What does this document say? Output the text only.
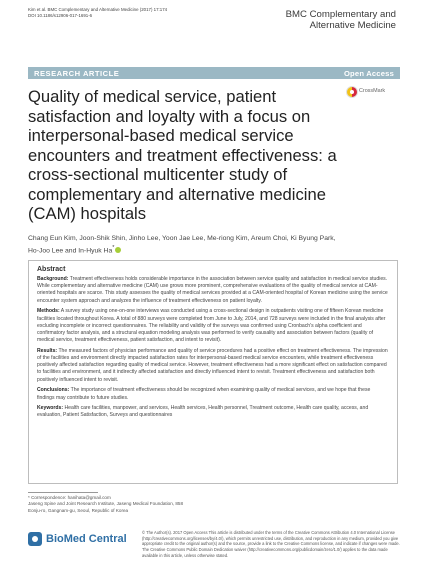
Kim et al. BMC Complementary and Alternative Medicine (2017) 17:174
DOI 10.1186/s12906-017-1691-6	BMC Complementary and
Alternative Medicine
RESEARCH ARTICLE	Open Access
CrossMark
Quality of medical service, patient satisfaction and loyalty with a focus on interpersonal-based medical service encounters and treatment effectiveness: a cross-sectional multicenter study of complementary and alternative medicine (CAM) hospitals
Chang Eun Kim, Joon-Shik Shin, Jinho Lee, Yoon Jae Lee, Me-riong Kim, Areum Choi, Ki Byung Park,
Ho-Joo Lee and In-Hyuk Ha*
Abstract

Background: Treatment effectiveness holds considerable importance in the association between service quality and satisfaction in medical service studies. While complementary and alternative medicine (CAM) use grows more prominent, comprehensive evaluations of the quality of medical service at CAM-oriented hospitals are scarce. This study assesses the quality of medical services provided at a CAM-oriented hospital of Korean medicine using the service encounter system approach and analyzes the influence of treatment effectiveness on patient loyalty.

Methods: A survey study using one-on-one interviews was conducted using a cross-sectional design in outpatients visiting one of fifteen Korean medicine facilities located throughout Korea. A total of 880 surveys were completed from June to July, 2014, and 728 surveys were included in the final analysis after excluding incomplete or incorrect questionnaires. The reliability and validity of the surveys was confirmed using Cronbach's alpha coefficient and confirmatory factor analysis, and a structural equation modeling analysis was performed to verify causality and association between factors (quality of medical service, treatment effectiveness, patient satisfaction, and intent to revisit).

Results: The measured factors of physician performance and quality of service procedures had a positive effect on treatment effectiveness. The impression of the facilities and environment directly impacted satisfaction rates for interpersonal-based medical service encounters, while treatment effectiveness positively affected satisfaction regarding quality of medical service. However, treatment effectiveness had a more significant effect on satisfaction compared to facilities and environment, and it indirectly affected satisfaction and directly influenced intent to revisit. Treatment effectiveness and satisfaction both positively influenced intent to revisit.

Conclusions: The importance of treatment effectiveness should be recognized when examining quality of medical services, and we hope that these findings may contribute to future studies.

Keywords: Health care facilities, manpower, and services, Health services, Health personnel, Treatment outcome, Health care quality, access, and evaluation, Patient Satisfaction, Surveys and questionnaires

* Correspondence: hanihata@gmail.com
Jaseng Spine and Joint Research Institute, Jaseng Medical Foundation, 858
Eonju-ro, Gangnam-gu, Seoul, Republic of Korea
BioMed Central
© The Author(s). 2017 Open Access This article is distributed under the terms of the Creative Commons Attribution 4.0 International License (http://creativecommons.org/licenses/by/4.0/), which permits unrestricted use, distribution, and reproduction in any medium, provided you give appropriate credit to the original author(s) and the source, provide a link to the Creative Commons license, and indicate if changes were made. The Creative Commons Public Domain Dedication waiver (http://creativecommons.org/publicdomain/zero/1.0/) applies to the data made available in this article, unless otherwise stated.
